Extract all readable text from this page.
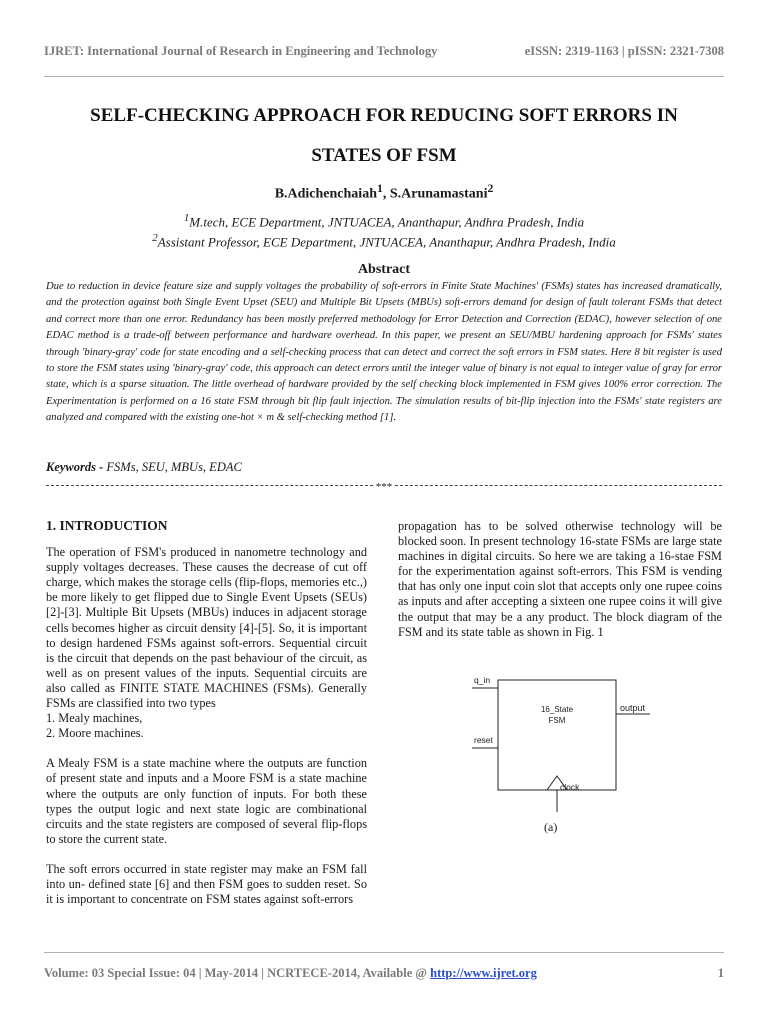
IJRET: International Journal of Research in Engineering and Technology	eISSN: 2319-1163 | pISSN: 2321-7308
SELF-CHECKING APPROACH FOR REDUCING SOFT ERRORS IN
STATES OF FSM
B.Adichenchaiah$^1$, S.Arunamastani$^2$
$^1$M.tech, ECE Department, JNTUACEA, Ananthapur, Andhra Pradesh, India
$^2$Assistant Professor, ECE Department, JNTUACEA, Ananthapur, Andhra Pradesh, India
Abstract
Due to reduction in device feature size and supply voltages the probability of soft-errors in Finite State Machines' (FSMs) states has increased dramatically, and the protection against both Single Event Upset (SEU) and Multiple Bit Upsets (MBUs) soft-errors demand for design of fault tolerant FSMs that detect and correct more than one error. Redundancy has been mostly preferred methodology for Error Detection and Correction (EDAC), however selection of one EDAC method is a trade-off between performance and hardware overhead. In this paper, we present an SEU/MBU hardening approach for FSMs' states through 'binary-gray' code for state encoding and a self-checking process that can detect and correct the soft errors in FSM states. Here 8 bit register is used to store the FSM states using 'binary-gray' code, this approach can detect errors until the integer value of binary is not equal to integer value of gray for error state, which is a sparse situation. The little overhead of hardware provided by the self checking block implemented in FSM gives 100% error correction. The Experimentation is performed on a 16 state FSM through bit flip fault injection. The simulation results of bit-flip injection into the FSMs' state registers are analyzed and compared with the existing one-hot × m & self-checking method [1].
Keywords - FSMs, SEU, MBUs, EDAC
***
1. INTRODUCTION

The operation of FSM's produced in nanometre technology and supply voltages decreases. These causes the decrease of cut off charge, which makes the storage cells (flip-flops, memories etc.,) be more likely to get flipped due to Single Event Upsets (SEUs) [2]-[3]. Multiple Bit Upsets (MBUs) induces in adjacent storage cells becomes higher as circuit density [4]-[5]. So, it is important to design hardened FSMs against soft-errors. Sequential circuit is the circuit that depends on the past behaviour of the circuit, as well as on present values of the inputs. Sequential circuits are also called as FINITE STATE MACHINES (FSMs). Generally FSMs are classified into two types

1. Mealy machines,

2. Moore machines.

A Mealy FSM is a state machine where the outputs are function of present state and inputs and a Moore FSM is a state machine where the outputs are only function of inputs. For both these types the output logic and next state logic are combinational circuits and the state registers are composed of several flip-flops to store the current state.

The soft errors occurred in state register may make an FSM fall into un- defined state [6] and then FSM goes to sudden reset. So it is important to concentrate on FSM states against soft-errors

propagation has to be solved otherwise technology will be blocked soon. In present technology 16-state FSMs are large state machines in digital circuits. So here we are taking a 16-stae FSM for the experimentation against soft-errors. This FSM is vending that has only one input coin slot that accepts only one rupee coins as inputs and after accepting a sixteen one rupee coins it will give the output that may be a any product. The block diagram of the FSM and its state table as shown in Fig. 1

q_in
reset
16_State
FSM
output
clock
(a)
Volume: 03 Special Issue: 04 | May-2014 | NCRTECE-2014, Available @ http://www.ijret.org	1
